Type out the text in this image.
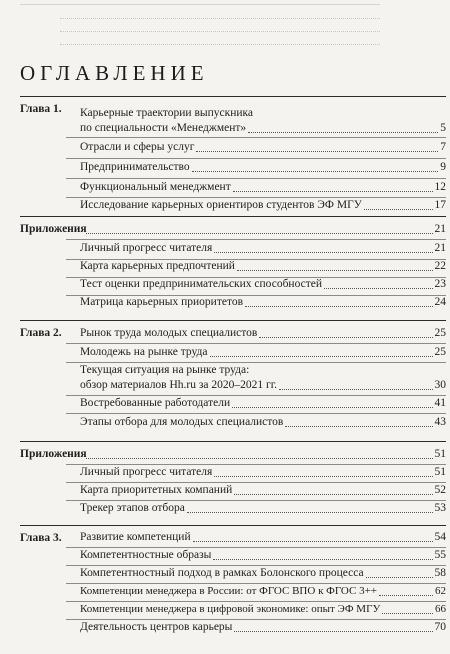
ОГЛАВЛЕНИЕ
Глава 1. Карьерные траектории выпускника
по специальности «Менеджмент»	5
Отрасли и сферы услуг	7
Предпринимательство	9
Функциональный менеджмент	12
Исследование карьерных ориентиров студентов ЭФ МГУ	17
Приложения	21
Личный прогресс читателя	21
Карта карьерных предпочтений	22
Тест оценки предпринимательских способностей	23
Матрица карьерных приоритетов	24
Глава 2. Рынок труда молодых специалистов	25
Молодежь на рынке труда	25
Текущая ситуация на рынке труда:
обзор материалов Hh.ru за 2020–2021 гг.	30
Востребованные работодатели	41
Этапы отбора для молодых специалистов	43
Приложения	51
Личный прогресс читателя	51
Карта приоритетных компаний	52
Трекер этапов отбора	53
Глава 3. Развитие компетенций	54
Компетентностные образы	55
Компетентностный подход в рамках Болонского процесса	58
Компетенции менеджера в России: от ФГОС ВПО к ФГОС 3++	62
Компетенции менеджера в цифровой экономике: опыт ЭФ МГУ	66
Деятельность центров карьеры	70
